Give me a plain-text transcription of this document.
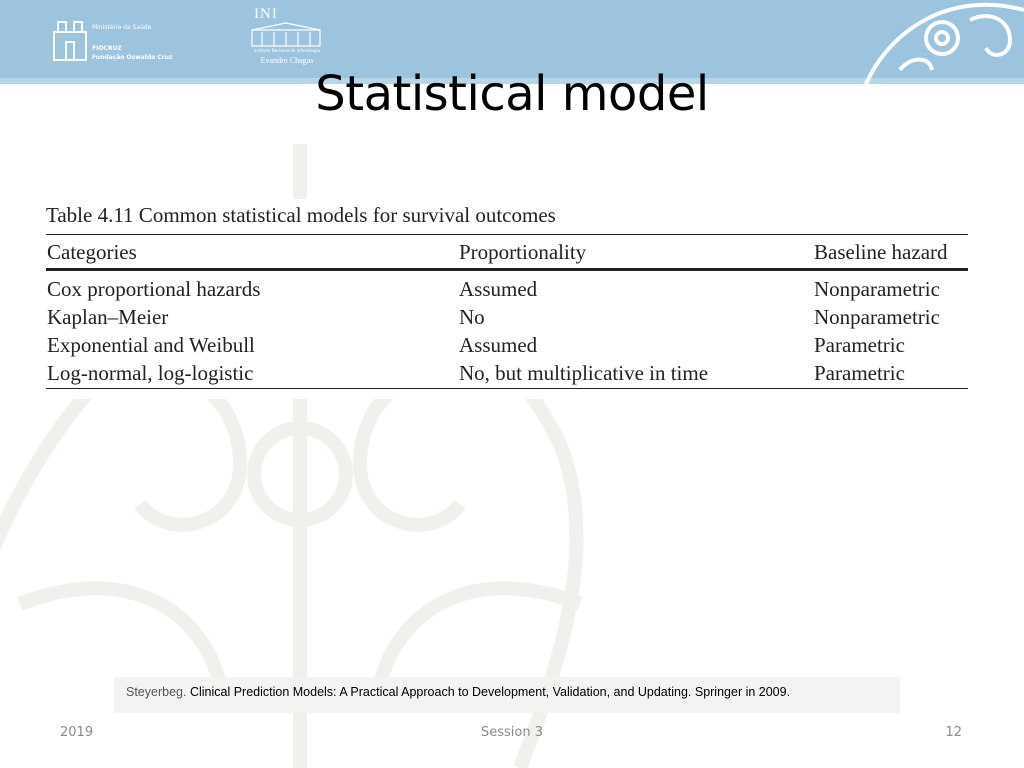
Ministério da Saúde
FIOCRUZ
Fundação Oswaldo Cruz
INI
Instituto Nacional de Infectologia
Evandro Chagas
Statistical model
Table 4.11 Common statistical models for survival outcomes
Categories	Proportionality	Baseline hazard
Cox proportional hazards	Assumed	Nonparametric
Kaplan–Meier	No	Nonparametric
Exponential and Weibull	Assumed	Parametric
Log-normal, log-logistic	No, but multiplicative in time	Parametric
Steyerbeg. Clinical Prediction Models: A Practical Approach to Development, Validation, and Updating. Springer in 2009.
2019	Session 3	12
